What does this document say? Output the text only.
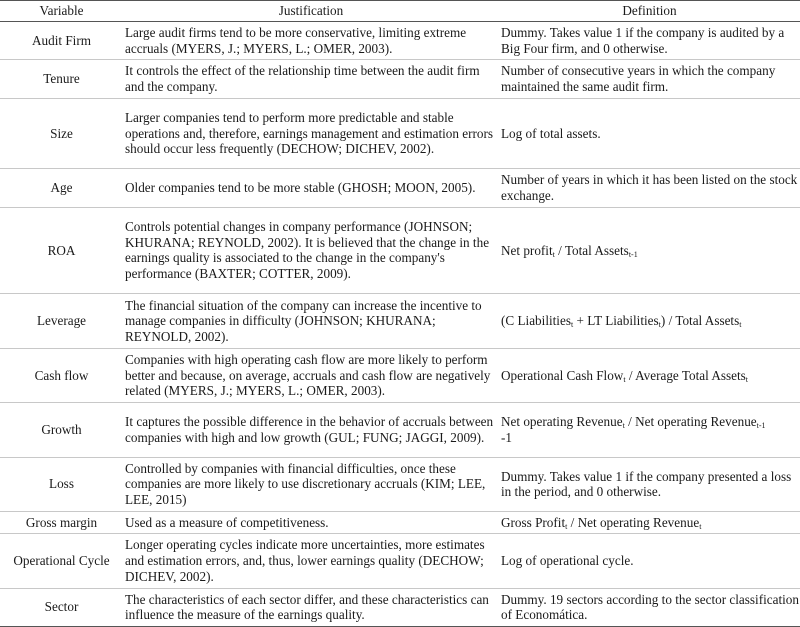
Variable	Justification	Definition
Audit Firm	Large audit firms tend to be more conservative, limiting extreme accruals (MYERS, J.; MYERS, L.; OMER, 2003).	Dummy. Takes value 1 if the company is audited by a Big Four firm, and 0 otherwise.
Tenure	It controls the effect of the relationship time between the audit firm and the company.	Number of consecutive years in which the company maintained the same audit firm.
Size	Larger companies tend to perform more predictable and stable operations and, therefore, earnings management and estimation errors should occur less frequently (DECHOW; DICHEV, 2002).	Log of total assets.
Age	Older companies tend to be more stable (GHOSH; MOON, 2005).	Number of years in which it has been listed on the stock exchange.
ROA	Controls potential changes in company performance (JOHNSON; KHURANA; REYNOLD, 2002). It is believed that the change in the earnings quality is associated to the change in the company's performance (BAXTER; COTTER, 2009).	Net profit$_t$ / Total Assets$_{t-1}$
Leverage	The financial situation of the company can increase the incentive to manage companies in difficulty (JOHNSON; KHURANA; REYNOLD, 2002).	(C Liabilities$_t$ + LT Liabilities$_t$) / Total Assets$_t$
Cash flow	Companies with high operating cash flow are more likely to perform better and because, on average, accruals and cash flow are negatively related (MYERS, J.; MYERS, L.; OMER, 2003).	Operational Cash Flow$_t$ / Average Total Assets$_t$
Growth	It captures the possible difference in the behavior of accruals between companies with high and low growth (GUL; FUNG; JAGGI, 2009).	Net operating Revenue$_t$ / Net operating Revenue$_{t-1}$
-1
Loss	Controlled by companies with financial difficulties, once these companies are more likely to use discretionary accruals (KIM; LEE, LEE, 2015)	Dummy. Takes value 1 if the company presented a loss in the period, and 0 otherwise.
Gross margin	Used as a measure of competitiveness.	Gross Profit$_t$ / Net operating Revenue$_t$
Operational Cycle	Longer operating cycles indicate more uncertainties, more estimates and estimation errors, and, thus, lower earnings quality (DECHOW; DICHEV, 2002).	Log of operational cycle.
Sector	The characteristics of each sector differ, and these characteristics can influence the measure of the earnings quality.	Dummy. 19 sectors according to the sector classification of Economática.
